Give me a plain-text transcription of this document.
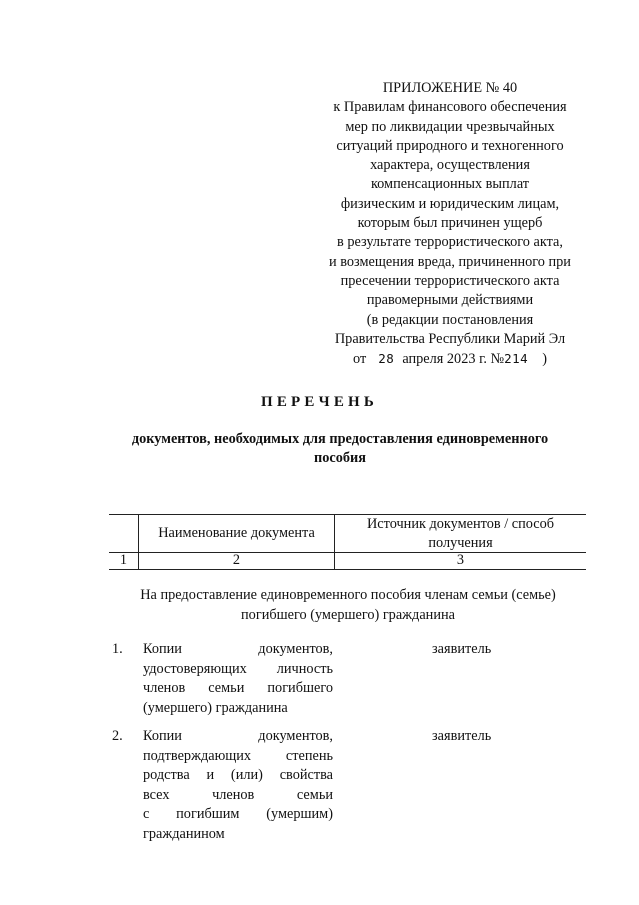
ПРИЛОЖЕНИЕ № 40
к Правилам финансового обеспечения
мер по ликвидации чрезвычайных
ситуаций природного и техногенного
характера, осуществления
компенсационных выплат
физическим и юридическим лицам,
которым был причинен ущерб
в результате террористического акта,
и возмещения вреда, причиненного при
пресечении террористического акта
правомерными действиями
(в редакции постановления
Правительства Республики Марий Эл
от 28 апреля 2023 г. №214 )
ПЕРЕЧЕНЬ
документов, необходимых для предоставления единовременного пособия
Наименование документа
Источник документов / способ
получения
1	2	3
На предоставление единовременного пособия членам семьи (семье)
погибшего (умершего) гражданина
1. Копии документов,
удостоверяющих личность
членов семьи погибшего
(умершего) гражданина
заявитель
2. Копии документов,
подтверждающих степень
родства и (или) свойства
всех членов семьи
с погибшим (умершим)
гражданином
заявитель
